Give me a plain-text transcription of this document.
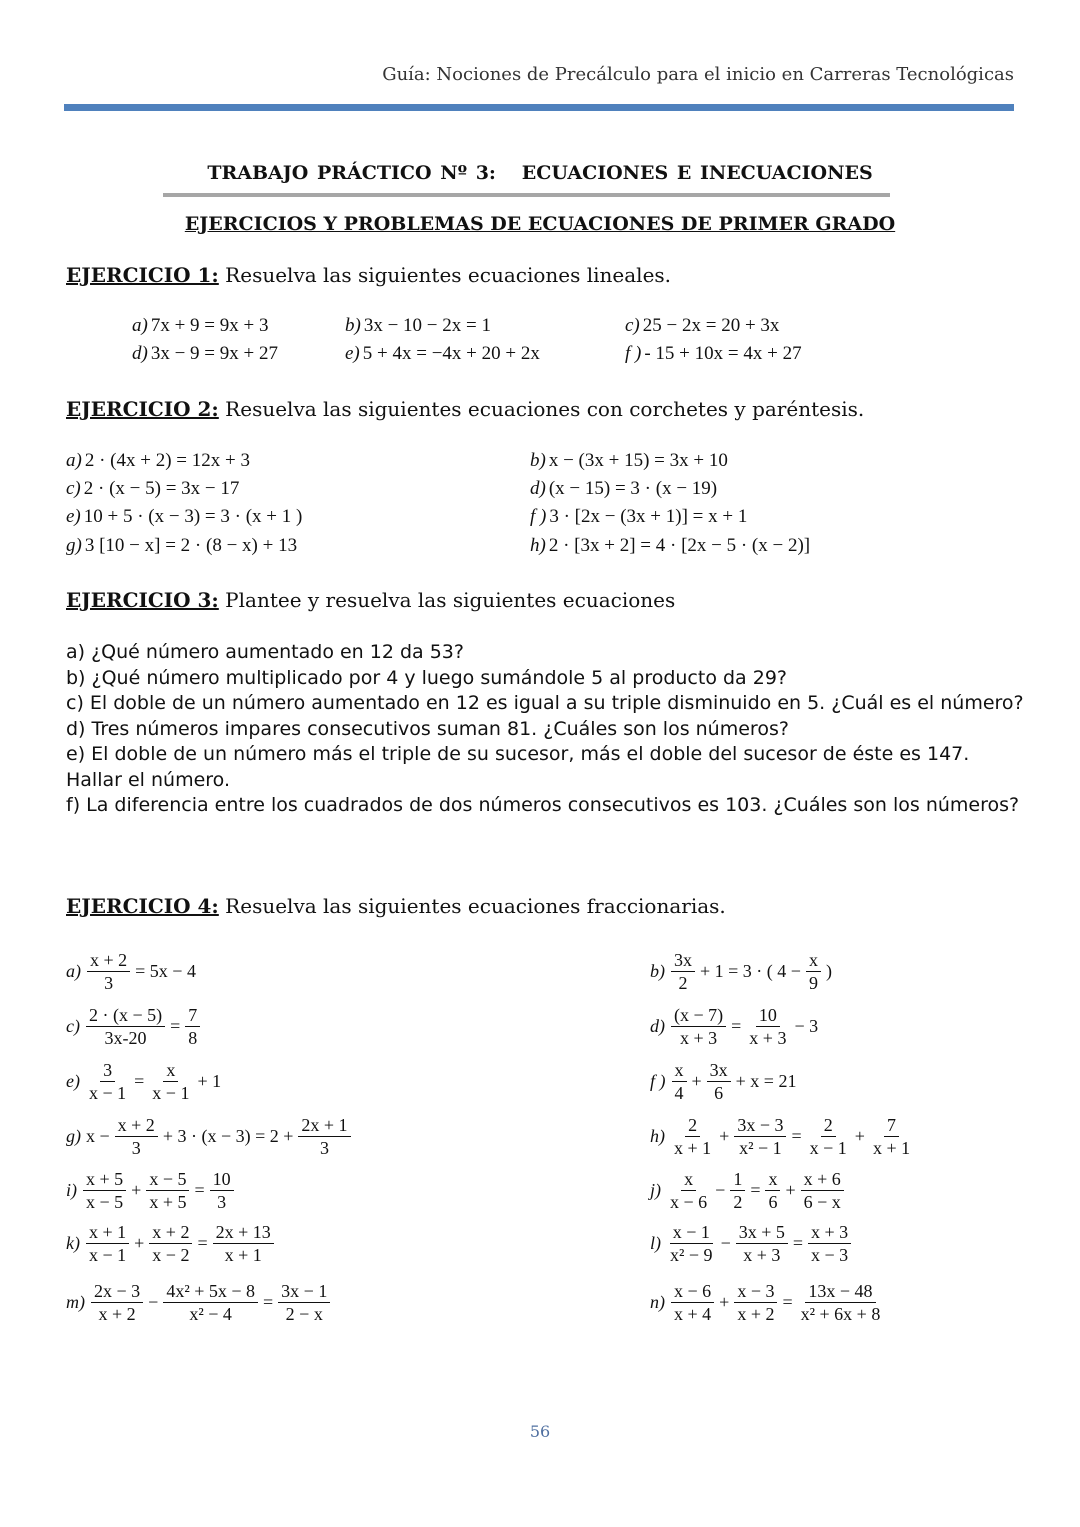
Guía: Nociones de Precálculo para el inicio en Carreras Tecnológicas
TRABAJO PRÁCTICO Nº 3:   ECUACIONES E INECUACIONES
EJERCICIOS Y PROBLEMAS DE ECUACIONES DE PRIMER GRADO
EJERCICIO 1: Resuelva las siguientes ecuaciones lineales.
EJERCICIO 2: Resuelva las siguientes ecuaciones con corchetes y paréntesis.
EJERCICIO 3: Plantee y resuelva las siguientes ecuaciones
a) ¿Qué número aumentado en 12 da 53?
b) ¿Qué número multiplicado por 4 y luego sumándole 5 al producto da 29?
c) El doble de un número aumentado en 12 es igual a su triple disminuido en 5. ¿Cuál es el número?
d) Tres números impares consecutivos suman 81. ¿Cuáles son los números?
e) El doble de un número más el triple de su sucesor, más el doble del sucesor de éste es 147. Hallar el número.
f) La diferencia entre los cuadrados de dos números consecutivos es 103. ¿Cuáles son los números?
EJERCICIO 4: Resuelva las siguientes ecuaciones fraccionarias.
56
a) 7x + 9 = 9x + 3	b) 3x − 10 − 2x = 1	c) 25 − 2x = 20 + 3x
d) 3x − 9 = 9x + 27	e) 5 + 4x = −4x + 20 + 2x	f ) - 15 + 10x = 4x + 27
a) 2 · (4x + 2) = 12x + 3	b) x − (3x + 15) = 3x + 10
c) 2 · (x − 5) = 3x − 17	d) (x − 15) = 3 · (x − 19)
e) 10 + 5 · (x − 3) = 3 · (x + 1 )	f ) 3 · [2x − (3x + 1)] = x + 1
g) 3 [10 − x] = 2 · (8 − x) + 13	h) 2 · [3x + 2] = 4 · [2x − 5 · (x − 2)]
$a) \frac{x + 2}{3} = 5x - 4$	$b) \frac{3x}{2} + 1 = 3$ · ( $4 - \frac{x}{9}$ )
$c) \frac{2 \cdot (x - 5)}{3x-20} = \frac{7}{8}$	$d) \frac{(x - 7)}{x + 3} = \frac{10}{x + 3} - 3$
$e) \frac{3}{x - 1} = \frac{x}{x - 1} + 1$	f ) $\frac{x}{4} + \frac{3x}{6} + x = 21$
g) $x - \frac{x + 2}{3} + 3 \cdot (x - 3) = 2 + \frac{2x + 1}{3}$	$h) \frac{2}{x + 1} + \frac{3x - 3}{\text{x² − 1}} = \frac{2}{x - 1} + \frac{7}{x + 1}$
$i) \frac{x + 5}{x - 5} + \frac{x - 5}{x + 5} = \frac{10}{3}$	$j) \frac{x}{x - 6} - \frac{1}{2} = \frac{x}{6} + \frac{x + 6}{6 - x}$
$k) \frac{x + 1}{x - 1} + \frac{x + 2}{x - 2} = \frac{2x + 13}{x + 1}$	$l) \frac{x - 1}{\text{x² − 9}} - \frac{3x + 5}{x + 3} = \frac{x + 3}{x - 3}$
$m) \frac{2x - 3}{x + 2} - \frac{\text{4x² + 5x − 8}}{\text{x² − 4}} = \frac{3x - 1}{2 - x}$	$n) \frac{x - 6}{x + 4} + \frac{x - 3}{x + 2} = \frac{13x - 48}{\text{x² + 6x + 8}}$
